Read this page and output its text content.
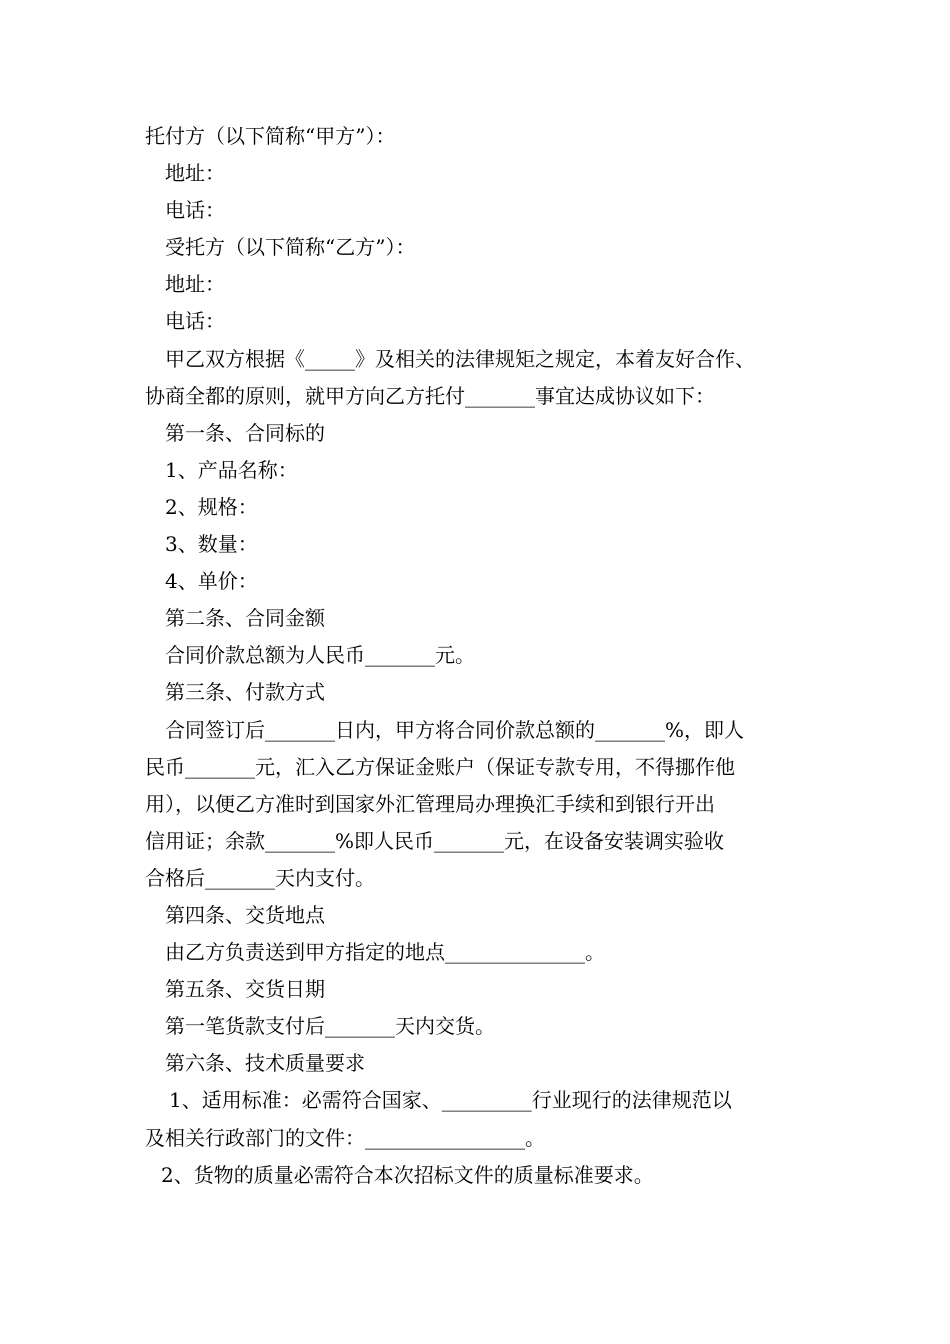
托付方（以下简称“甲方”）：
地址：
电话：
受托方（以下简称“乙方”）：
地址：
电话：
甲乙双方根据《_____》及相关的法律规矩之规定，本着友好合作、
协商全都的原则，就甲方向乙方托付_______事宜达成协议如下：
第一条、合同标的
1、产品名称：
2、规格：
3、数量：
4、单价：
第二条、合同金额
合同价款总额为人民币_______元。
第三条、付款方式
合同签订后_______日内，甲方将合同价款总额的_______%，即人
民币_______元，汇入乙方保证金账户（保证专款专用，不得挪作他
用），以便乙方准时到国家外汇管理局办理换汇手续和到银行开出
信用证；余款_______%即人民币_______元，在设备安装调实验收
合格后_______天内支付。
第四条、交货地点
由乙方负责送到甲方指定的地点______________。
第五条、交货日期
第一笔货款支付后_______天内交货。
第六条、技术质量要求
1、适用标准：必需符合国家、_________行业现行的法律规范以
及相关行政部门的文件：________________。
2、货物的质量必需符合本次招标文件的质量标准要求。
